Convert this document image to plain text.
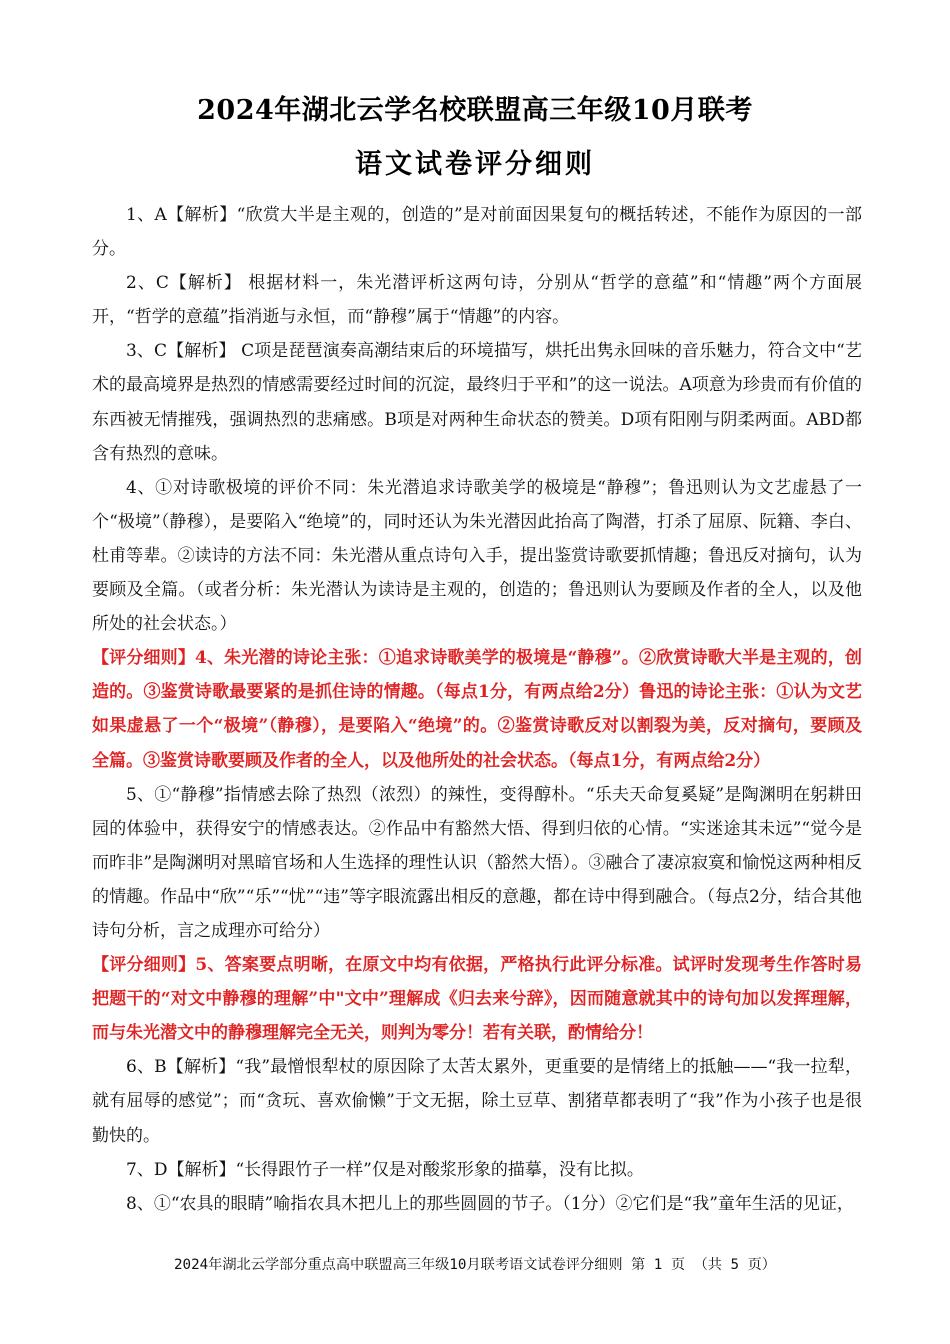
2024年湖北云学名校联盟高三年级10月联考
语文试卷评分细则

1、A【解析】“欣赏大半是主观的，创造的”是对前面因果复句的概括转述，不能作为原因的一部分。

2、C【解析】 根据材料一，朱光潜评析这两句诗，分别从“哲学的意蕴”和“情趣”两个方面展开，“哲学的意蕴”指消逝与永恒，而“静穆”属于“情趣”的内容。

3、C【解析】 C项是琵琶演奏高潮结束后的环境描写，烘托出隽永回味的音乐魅力，符合文中“艺术的最高境界是热烈的情感需要经过时间的沉淀，最终归于平和”的这一说法。A项意为珍贵而有价值的东西被无情摧残，强调热烈的悲痛感。B项是对两种生命状态的赞美。D项有阳刚与阴柔两面。ABD都含有热烈的意味。

4、①对诗歌极境的评价不同：朱光潜追求诗歌美学的极境是“静穆”；鲁迅则认为文艺虚悬了一个“极境”（静穆），是要陷入“绝境”的，同时还认为朱光潜因此抬高了陶潜，打杀了屈原、阮籍、李白、杜甫等辈。②读诗的方法不同：朱光潜从重点诗句入手，提出鉴赏诗歌要抓情趣；鲁迅反对摘句，认为要顾及全篇。（或者分析：朱光潜认为读诗是主观的，创造的；鲁迅则认为要顾及作者的全人，以及他所处的社会状态。）

【评分细则】4、朱光潜的诗论主张：①追求诗歌美学的极境是“静穆”。②欣赏诗歌大半是主观的，创造的。③鉴赏诗歌最要紧的是抓住诗的情趣。（每点1分，有两点给2分）鲁迅的诗论主张：①认为文艺如果虚悬了一个“极境”（静穆），是要陷入“绝境”的。②鉴赏诗歌反对以割裂为美，反对摘句，要顾及全篇。③鉴赏诗歌要顾及作者的全人，以及他所处的社会状态。（每点1分，有两点给2分）

5、①“静穆”指情感去除了热烈（浓烈）的辣性，变得醇朴。“乐夫天命复奚疑”是陶渊明在躬耕田园的体验中，获得安宁的情感表达。②作品中有豁然大悟、得到归依的心情。“实迷途其未远”“觉今是而昨非”是陶渊明对黑暗官场和人生选择的理性认识（豁然大悟）。③融合了凄凉寂寞和愉悦这两种相反的情趣。作品中“欣”“乐”“忧”“违”等字眼流露出相反的意趣，都在诗中得到融合。（每点2分，结合其他诗句分析，言之成理亦可给分）

【评分细则】5、答案要点明晰，在原文中均有依据，严格执行此评分标准。试评时发现考生作答时易把题干的“对文中静穆的理解”中"文中”理解成《归去来兮辞》，因而随意就其中的诗句加以发挥理解，而与朱光潜文中的静穆理解完全无关，则判为零分！若有关联，酌情给分！

6、B【解析】“我”最憎恨犁杖的原因除了太苦太累外，更重要的是情绪上的抵触——“我一拉犁，就有屈辱的感觉”；而“贪玩、喜欢偷懒”于文无据，除土豆草、割猪草都表明了“我”作为小孩子也是很勤快的。

7、D【解析】“长得跟竹子一样”仅是对酸浆形象的描摹，没有比拟。

8、①“农具的眼睛”喻指农具木把儿上的那些圆圆的节子。（1分）②它们是“我”童年生活的见证，

2024年湖北云学部分重点高中联盟高三年级10月联考语文试卷评分细则 第 1 页 （共 5 页）
